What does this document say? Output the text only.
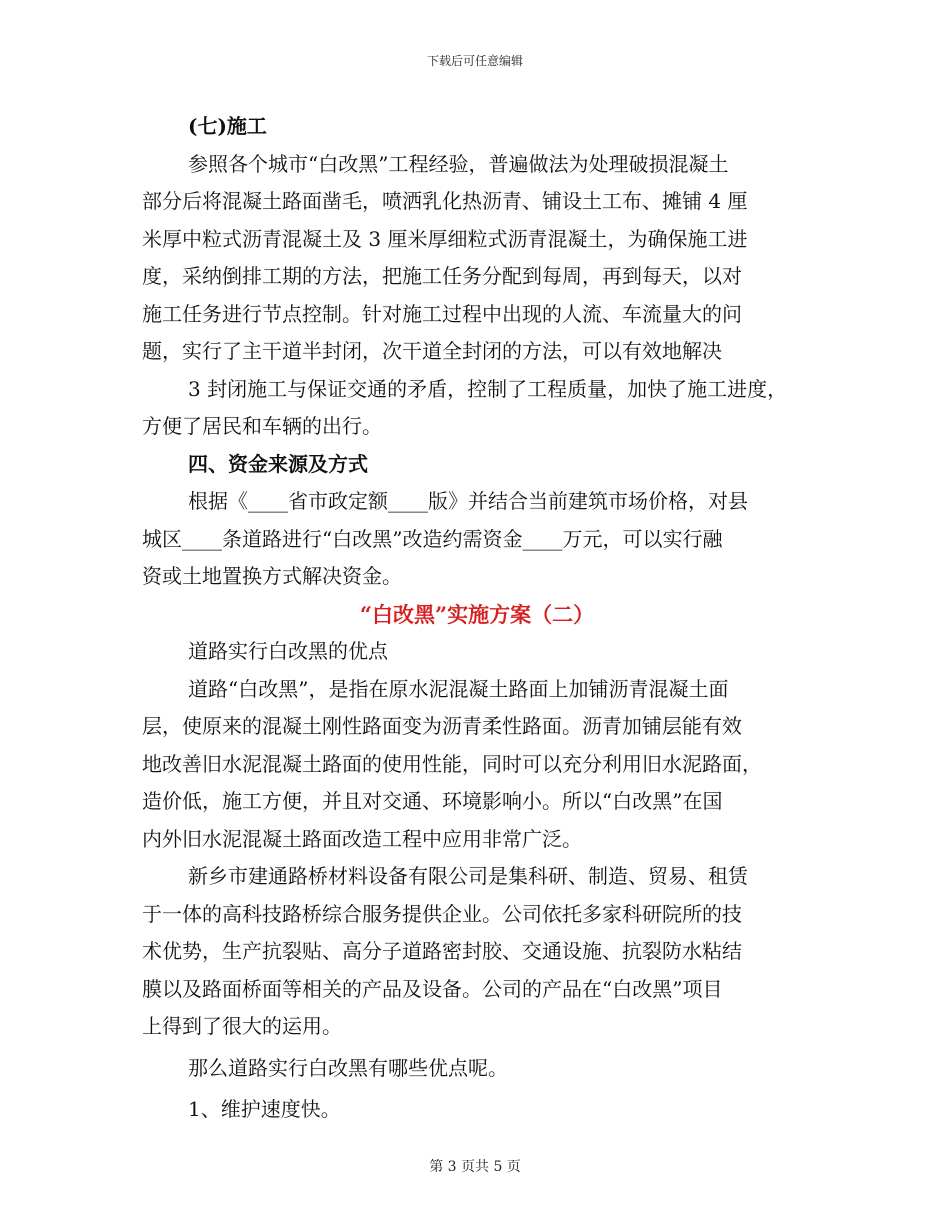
下载后可任意编辑
(七)施工
参照各个城市“白改黑”工程经验，普遍做法为处理破损混凝土
部分后将混凝土路面凿毛，喷洒乳化热沥青、铺设土工布、摊铺 4 厘
米厚中粒式沥青混凝土及 3 厘米厚细粒式沥青混凝土，为确保施工进
度，采纳倒排工期的方法，把施工任务分配到每周，再到每天，以对
施工任务进行节点控制。针对施工过程中出现的人流、车流量大的问
题，实行了主干道半封闭，次干道全封闭的方法，可以有效地解决
3 封闭施工与保证交通的矛盾，控制了工程质量，加快了施工进度，
方便了居民和车辆的出行。
四、资金来源及方式
根据《____省市政定额____版》并结合当前建筑市场价格，对县
城区____条道路进行“白改黑”改造约需资金____万元，可以实行融
资或土地置换方式解决资金。
“白改黑”实施方案（二）
道路实行白改黑的优点
道路“白改黑”，是指在原水泥混凝土路面上加铺沥青混凝土面
层，使原来的混凝土刚性路面变为沥青柔性路面。沥青加铺层能有效
地改善旧水泥混凝土路面的使用性能，同时可以充分利用旧水泥路面，
造价低，施工方便，并且对交通、环境影响小。所以“白改黑”在国
内外旧水泥混凝土路面改造工程中应用非常广泛。
新乡市建通路桥材料设备有限公司是集科研、制造、贸易、租赁
于一体的高科技路桥综合服务提供企业。公司依托多家科研院所的技
术优势，生产抗裂贴、高分子道路密封胶、交通设施、抗裂防水粘结
膜以及路面桥面等相关的产品及设备。公司的产品在“白改黑”项目
上得到了很大的运用。
那么道路实行白改黑有哪些优点呢。
1、维护速度快。
第 3 页共 5 页
